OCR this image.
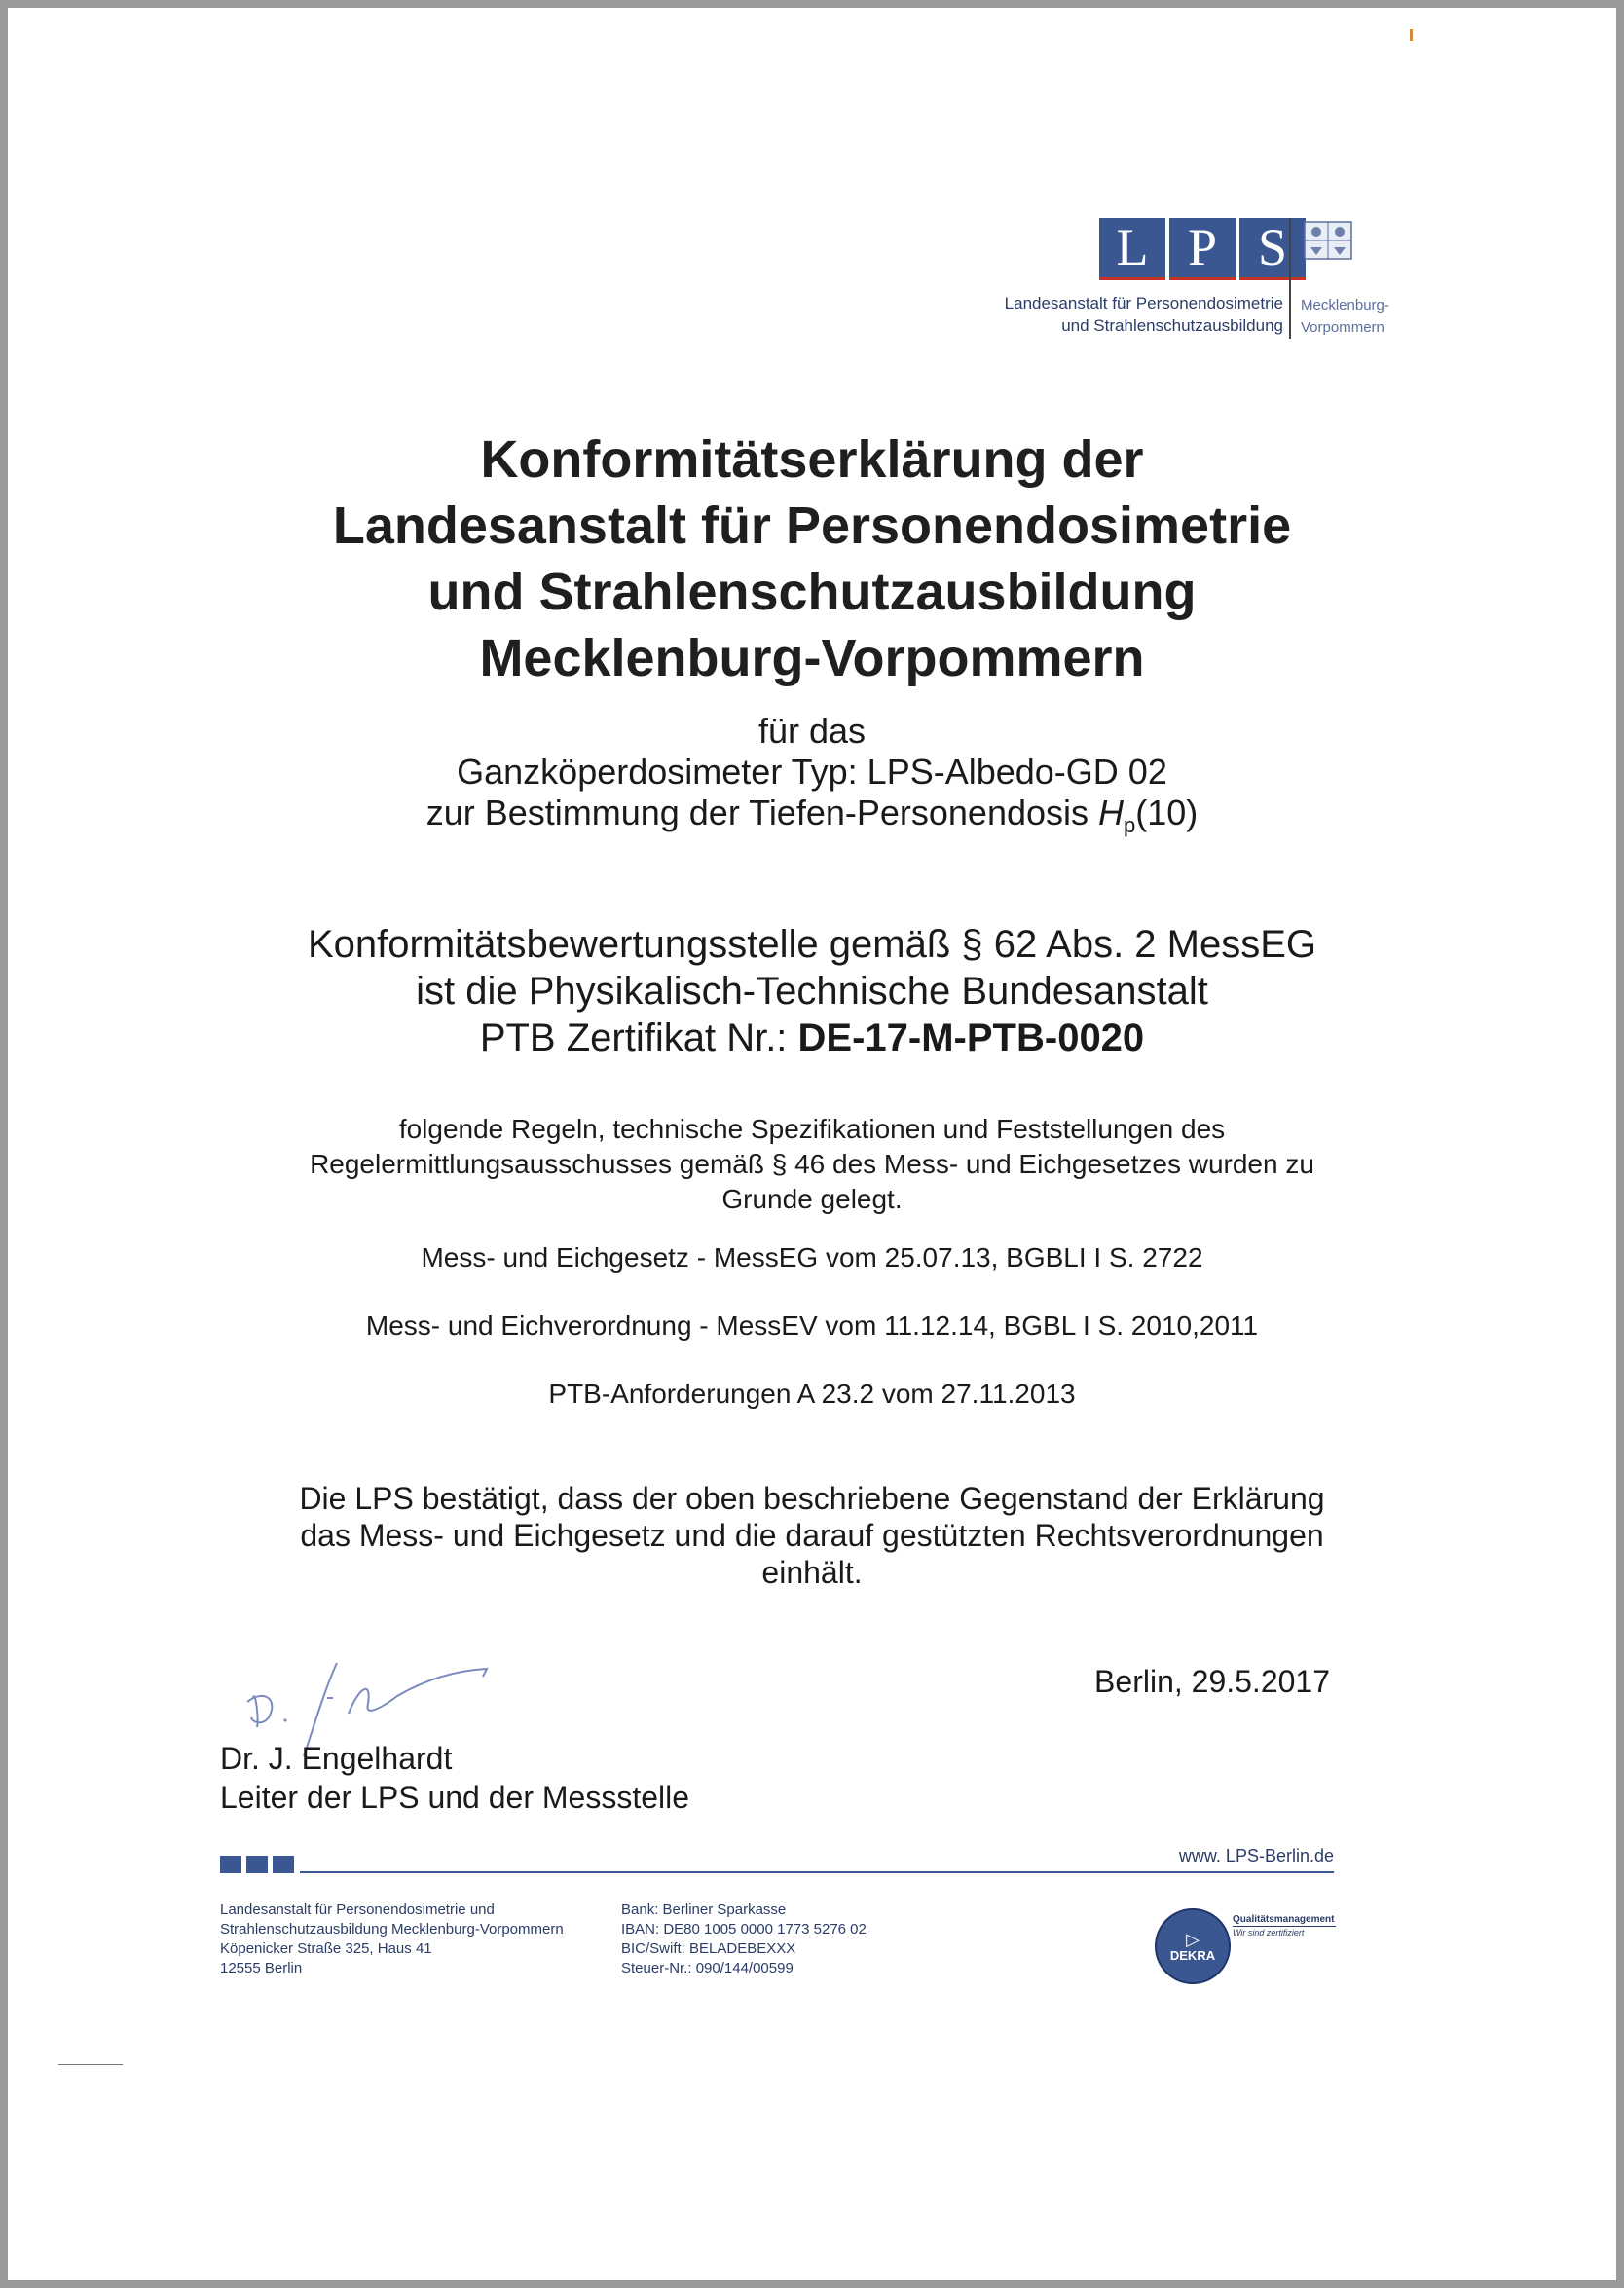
L P S
Landesanstalt für Personendosimetrie
und Strahlenschutzausbildung
Mecklenburg-
Vorpommern
Konformitätserklärung der
Landesanstalt für Personendosimetrie
und Strahlenschutzausbildung
Mecklenburg-Vorpommern
für das
Ganzköperdosimeter Typ: LPS-Albedo-GD 02
zur Bestimmung der Tiefen-Personendosis $H_p(10)$
Konformitätsbewertungsstelle gemäß § 62 Abs. 2 MessEG
ist die Physikalisch-Technische Bundesanstalt
PTB Zertifikat Nr.: DE-17-M-PTB-0020
folgende Regeln, technische Spezifikationen und Feststellungen des
Regelermittlungsausschusses gemäß § 46 des Mess- und Eichgesetzes wurden zu
Grunde gelegt.
Mess- und Eichgesetz - MessEG vom 25.07.13, BGBLI I S. 2722
Mess- und Eichverordnung - MessEV vom 11.12.14, BGBL I S. 2010,2011
PTB-Anforderungen A 23.2 vom 27.11.2013
Die LPS bestätigt, dass der oben beschriebene Gegenstand der Erklärung
das Mess- und Eichgesetz und die darauf gestützten Rechtsverordnungen
einhält.
Berlin, 29.5.2017
Dr. J. Engelhardt
Leiter der LPS und der Messstelle
www. LPS-Berlin.de
Landesanstalt für Personendosimetrie und
Strahlenschutzausbildung Mecklenburg-Vorpommern
Köpenicker Straße 325, Haus 41
12555 Berlin
Bank: Berliner Sparkasse
IBAN: DE80 1005 0000 1773 5276 02
BIC/Swift: BELADEBEXXX
Steuer-Nr.: 090/144/00599
▷
DEKRA
Qualitätsmanagement
Wir sind zertifiziert
